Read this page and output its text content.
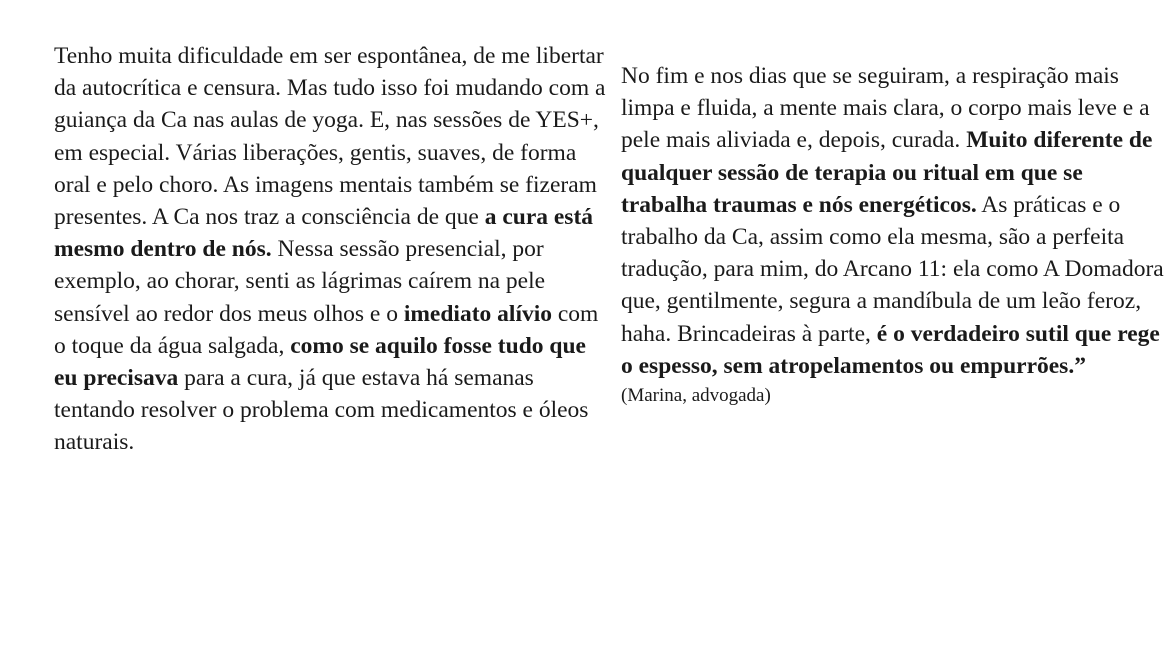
Tenho muita dificuldade em ser espontânea, de me libertar da autocrítica e censura. Mas tudo isso foi mudando com a guiança da Ca nas aulas de yoga. E, nas sessões de YES+, em especial. Várias liberações, gentis, suaves, de forma oral e pelo choro. As imagens mentais também se fizeram presentes. A Ca nos traz a consciência de que a cura está mesmo dentro de nós. Nessa sessão presencial, por exemplo, ao chorar, senti as lágrimas caírem na pele sensível ao redor dos meus olhos e o imediato alívio com o toque da água salgada, como se aquilo fosse tudo que eu precisava para a cura, já que estava há semanas tentando resolver o problema com medicamentos e óleos naturais.

No fim e nos dias que se seguiram, a respiração mais limpa e fluida, a mente mais clara, o corpo mais leve e a pele mais aliviada e, depois, curada. Muito diferente de qualquer sessão de terapia ou ritual em que se trabalha traumas e nós energéticos. As práticas e o trabalho da Ca, assim como ela mesma, são a perfeita tradução, para mim, do Arcano 11: ela como A Domadora que, gentilmente, segura a mandíbula de um leão feroz, haha. Brincadeiras à parte, é o verdadeiro sutil que rege o espesso, sem atropelamentos ou empurrões.”
(Marina, advogada)
